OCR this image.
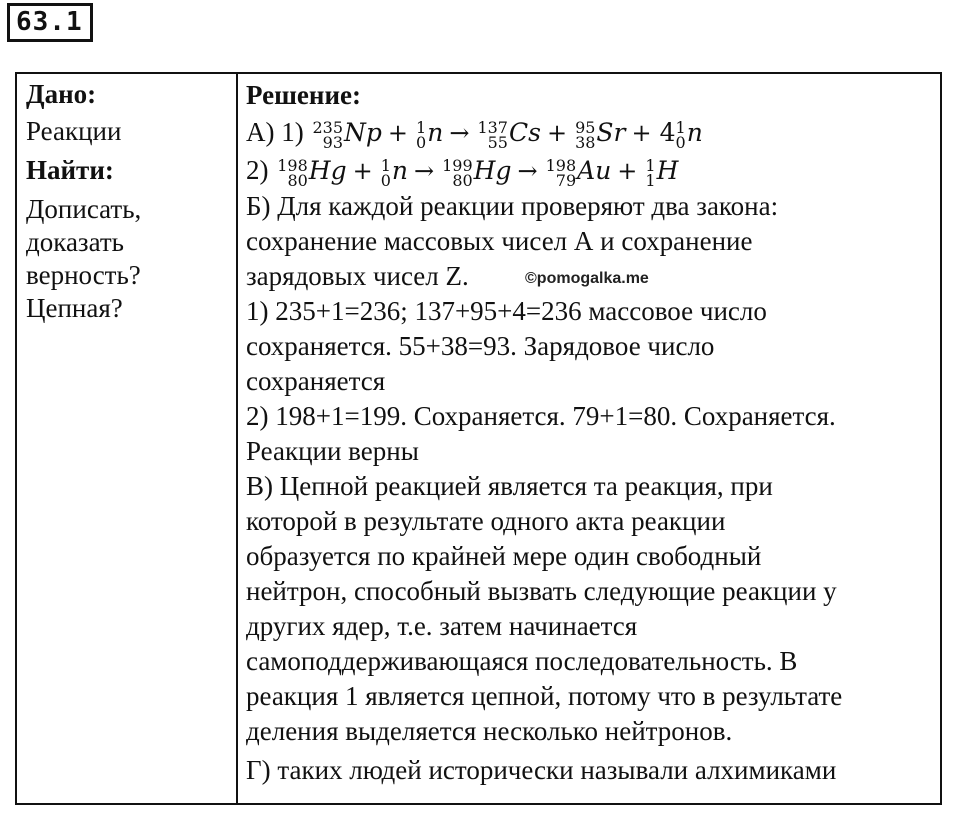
63.1
Дано:
Реакции
Найти:
Дописать,
доказать
верность?
Цепная?
Решение:
А) 1) 235
93 Np + 1
0 n → 137
55 Cs + 95
38 Sr + 4 1
0 n
2) 198
80 Hg + 1
0 n → 199
80 Hg → 198
79 Au + 1
1 H
Б) Для каждой реакции проверяют два закона:
сохранение массовых чисел А и сохранение
зарядовых чисел Z.
1) 235+1=236; 137+95+4=236 массовое число
сохраняется. 55+38=93. Зарядовое число
сохраняется
2) 198+1=199. Сохраняется. 79+1=80. Сохраняется.
Реакции верны
В) Цепной реакцией является та реакция, при
которой в результате одного акта реакции
образуется по крайней мере один свободный
нейтрон, способный вызвать следующие реакции у
других ядер, т.е. затем начинается
самоподдерживающаяся последовательность. В
реакция 1 является цепной, потому что в результате
деления выделяется несколько нейтронов.
Г) таких людей исторически называли алхимиками
©pomogalka.me
